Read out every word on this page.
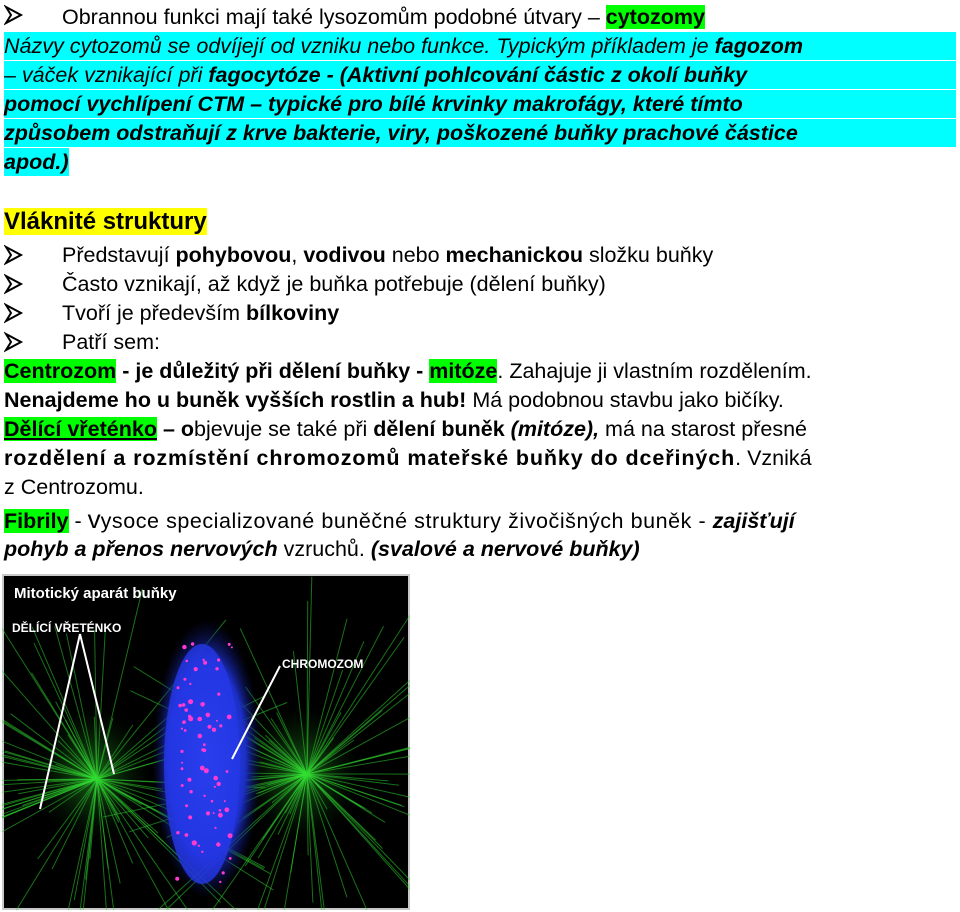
Obrannou funkci mají také lysozomům podobné útvary – cytozomy
Názvy cytozomů se odvíjejí od vzniku nebo funkce. Typickým příkladem je fagozom
– váček vznikající při fagocytóze - (Aktivní pohlcování částic z okolí buňky
pomocí vychlípení CTM – typické pro bílé krvinky makrofágy, které tímto
způsobem odstraňují z krve bakterie, viry, poškozené buňky prachové částice
apod.)
Vláknité struktury
Představují pohybovou, vodivou nebo mechanickou složku buňky
Často vznikají, až když je buňka potřebuje (dělení buňky)
Tvoří je především bílkoviny
Patří sem:
Centrozom - je důležitý při dělení buňky - mitóze. Zahajuje ji vlastním rozdělením.
Nenajdeme ho u buněk vyšších rostlin a hub! Má podobnou stavbu jako bičíky.
Dělící vřeténko – objevuje se také při dělení buněk (mitóze), má na starost přesné
rozdělení a rozmístění chromozomů mateřské buňky do dceřiných. Vzniká
z Centrozomu.
Fibrily - vysoce specializované buněčné struktury živočišných buněk - zajišťují
pohyb a přenos nervových vzruchů. (svalové a nervové buňky)
Mitotický aparát buňky
DĚLÍCÍ VŘETÉNKO
CHROMOZOM
